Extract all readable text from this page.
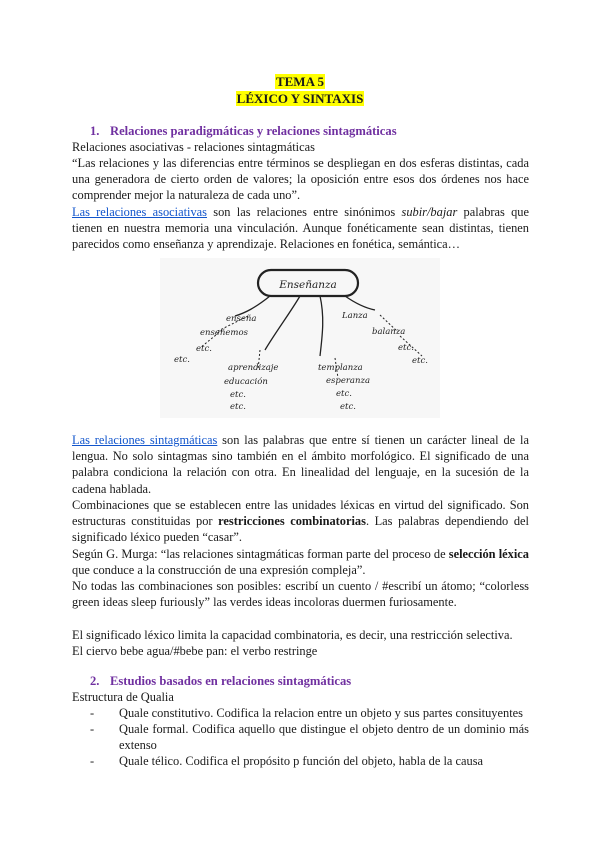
TEMA 5
LÉXICO Y SINTAXIS
1. Relaciones paradigmáticas y relaciones sintagmáticas
Relaciones asociativas - relaciones sintagmáticas
“Las relaciones y las diferencias entre términos se despliegan en dos esferas distintas, cada una generadora de cierto orden de valores; la oposición entre esos dos órdenes nos hace comprender mejor la naturaleza de cada uno”.
Las relaciones asociativas son las relaciones entre sinónimos subir/bajar palabras que tienen en nuestra memoria una vinculación. Aunque fonéticamente sean distintas, tienen parecidos como enseñanza y aprendizaje. Relaciones en fonética, semántica…
Enseñanza
enseña
enseñemos
etc.
etc.
aprendizaje
educación
etc.
etc.
templanza
esperanza
etc.
etc.
Lanza
balanza
etc.
etc.
Las relaciones sintagmáticas son las palabras que entre sí tienen un carácter lineal de la lengua. No solo sintagmas sino también en el ámbito morfológico. El significado de una palabra condiciona la relación con otra. En linealidad del lenguaje, en la sucesión de la cadena hablada.
Combinaciones que se establecen entre las unidades léxicas en virtud del significado. Son estructuras constituidas por restricciones combinatorias. Las palabras dependiendo del significado léxico pueden “casar”.
Según G. Murga: “las relaciones sintagmáticas forman parte del proceso de selección léxica que conduce a la construcción de una expresión compleja”.
No todas las combinaciones son posibles: escribí un cuento / #escribí un átomo; “colorless green ideas sleep furiously” las verdes ideas incoloras duermen furiosamente.
El significado léxico limita la capacidad combinatoria, es decir, una restricción selectiva.
El ciervo bebe agua/#bebe pan: el verbo restringe
2. Estudios basados en relaciones sintagmáticas
Estructura de Qualia
- Quale constitutivo. Codifica la relacion entre un objeto y sus partes consituyentes
- Quale formal. Codifica aquello que distingue el objeto dentro de un dominio más extenso
- Quale télico. Codifica el propósito p función del objeto, habla de la causa
